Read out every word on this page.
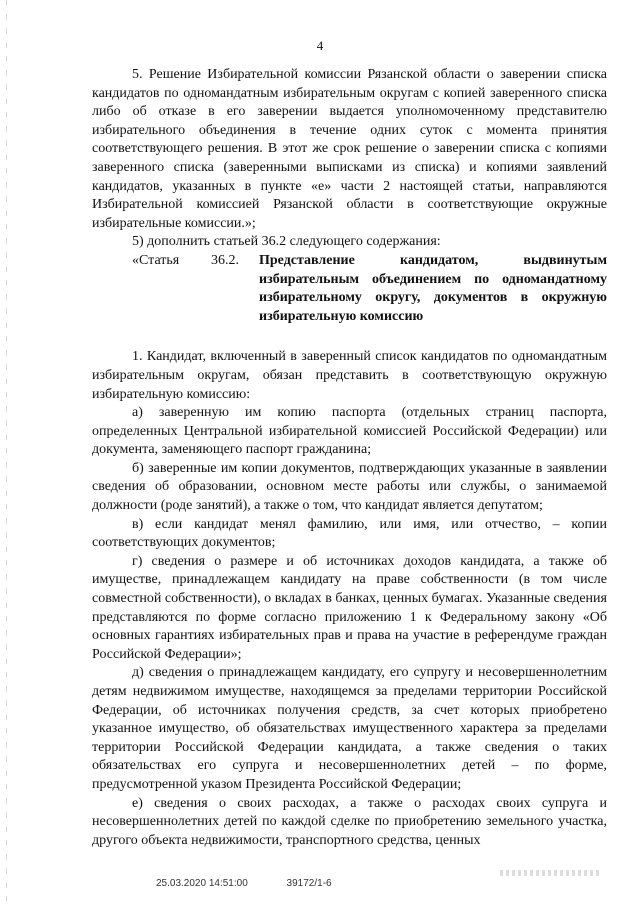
4

5. Решение Избирательной комиссии Рязанской области о заверении списка кандидатов по одномандатным избирательным округам с копией заверенного списка либо об отказе в его заверении выдается уполномоченному представителю избирательного объединения в течение одних суток с момента принятия соответствующего решения. В этот же срок решение о заверении списка с копиями заверенного списка (заверенными выписками из списка) и копиями заявлений кандидатов, указанных в пункте «е» части 2 настоящей статьи, направляются Избирательной комиссией Рязанской области в соответствующие окружные избирательные комиссии.»;

5) дополнить статьей 36.2 следующего содержания:

«Статья 36.2. Представление кандидатом, выдвинутым избирательным объединением по одномандатному избирательному округу, документов в окружную избирательную комиссию

1. Кандидат, включенный в заверенный список кандидатов по одномандатным избирательным округам, обязан представить в соответствующую окружную избирательную комиссию:

а) заверенную им копию паспорта (отдельных страниц паспорта, определенных Центральной избирательной комиссией Российской Федерации) или документа, заменяющего паспорт гражданина;

б) заверенные им копии документов, подтверждающих указанные в заявлении сведения об образовании, основном месте работы или службы, о занимаемой должности (роде занятий), а также о том, что кандидат является депутатом;

в) если кандидат менял фамилию, или имя, или отчество, – копии соответствующих документов;

г) сведения о размере и об источниках доходов кандидата, а также об имуществе, принадлежащем кандидату на праве собственности (в том числе совместной собственности), о вкладах в банках, ценных бумагах. Указанные сведения представляются по форме согласно приложению 1 к Федеральному закону «Об основных гарантиях избирательных прав и права на участие в референдуме граждан Российской Федерации»;

д) сведения о принадлежащем кандидату, его супругу и несовершеннолетним детям недвижимом имуществе, находящемся за пределами территории Российской Федерации, об источниках получения средств, за счет которых приобретено указанное имущество, об обязательствах имущественного характера за пределами территории Российской Федерации кандидата, а также сведения о таких обязательствах его супруга и несовершеннолетних детей – по форме, предусмотренной указом Президента Российской Федерации;

е) сведения о своих расходах, а также о расходах своих супруга и несовершеннолетних детей по каждой сделке по приобретению земельного участка, другого объекта недвижимости, транспортного средства, ценных

25.03.2020 14:51:00	39172/1-6
